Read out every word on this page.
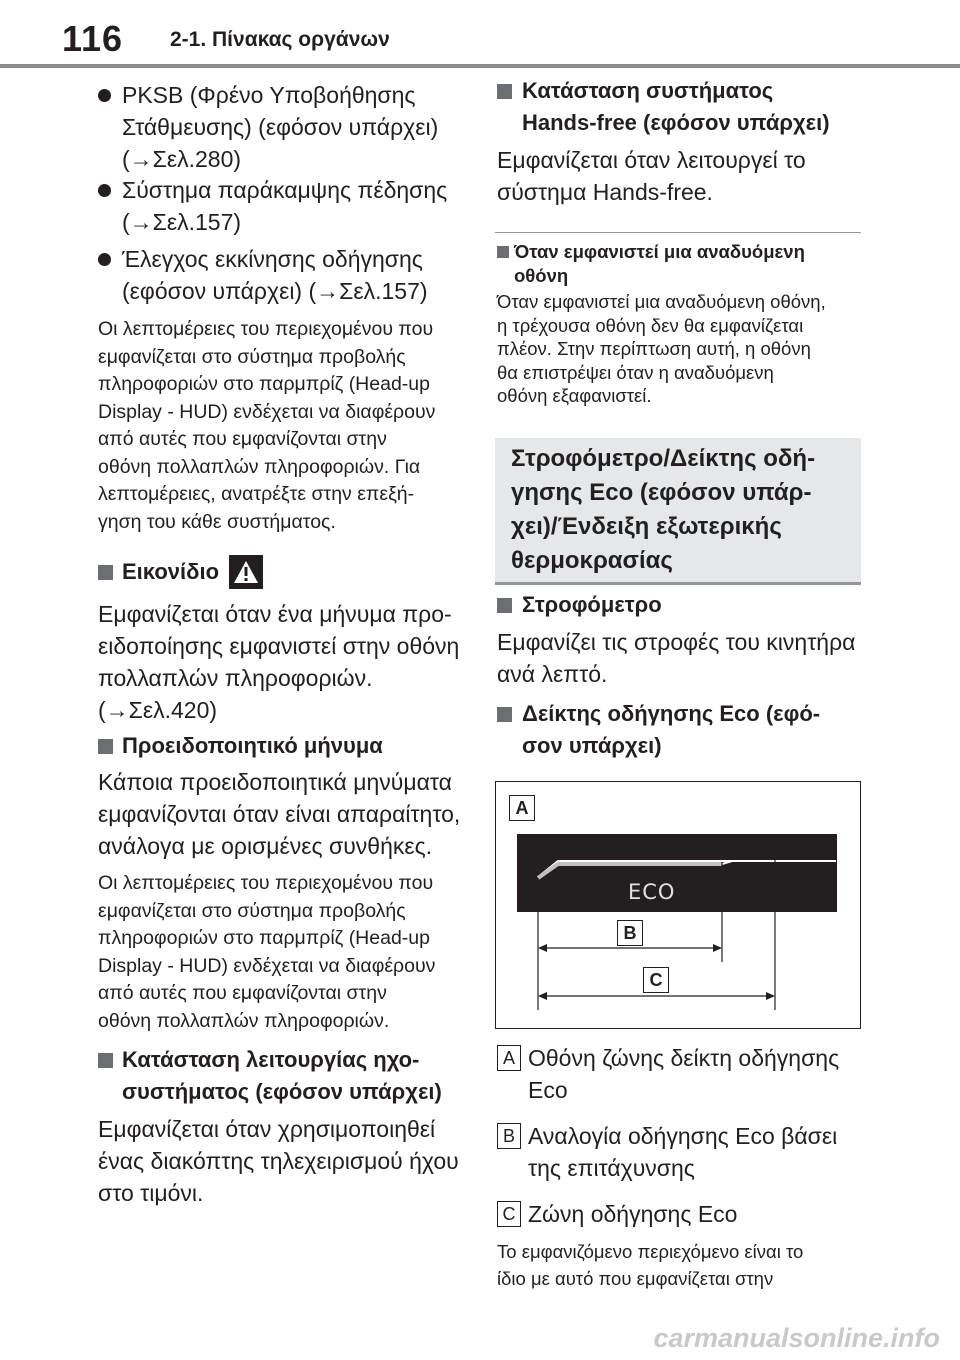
116 2-1. Πίνακας οργάνων
PKSB (Φρένο Υποβοήθησης
Στάθμευσης) (εφόσον υπάρχει)
(→Σελ.280)
Σύστημα παράκαμψης πέδησης
(→Σελ.157)
Έλεγχος εκκίνησης οδήγησης
(εφόσον υπάρχει) (→Σελ.157)
Οι λεπτομέρειες του περιεχομένου που
εμφανίζεται στο σύστημα προβολής
πληροφοριών στο παρμπρίζ (Head-up
Display - HUD) ενδέχεται να διαφέρουν
από αυτές που εμφανίζονται στην
οθόνη πολλαπλών πληροφοριών. Για
λεπτομέρειες, ανατρέξτε στην επεξή-
γηση του κάθε συστήματος.
Εικονίδιο
Εμφανίζεται όταν ένα μήνυμα προ-
ειδοποίησης εμφανιστεί στην οθόνη
πολλαπλών πληροφοριών.
(→Σελ.420)
Προειδοποιητικό μήνυμα
Κάποια προειδοποιητικά μηνύματα
εμφανίζονται όταν είναι απαραίτητο,
ανάλογα με ορισμένες συνθήκες.
Οι λεπτομέρειες του περιεχομένου που
εμφανίζεται στο σύστημα προβολής
πληροφοριών στο παρμπρίζ (Head-up
Display - HUD) ενδέχεται να διαφέρουν
από αυτές που εμφανίζονται στην
οθόνη πολλαπλών πληροφοριών.
Κατάσταση λειτουργίας ηχο-
συστήματος (εφόσον υπάρχει)
Εμφανίζεται όταν χρησιμοποιηθεί
ένας διακόπτης τηλεχειρισμού ήχου
στο τιμόνι.
Κατάσταση συστήματος
Hands-free (εφόσον υπάρχει)
Εμφανίζεται όταν λειτουργεί το
σύστημα Hands-free.
Όταν εμφανιστεί μια αναδυόμενη
οθόνη
Όταν εμφανιστεί μια αναδυόμενη οθόνη,
η τρέχουσα οθόνη δεν θα εμφανίζεται
πλέον. Στην περίπτωση αυτή, η οθόνη
θα επιστρέψει όταν η αναδυόμενη
οθόνη εξαφανιστεί.
Στροφόμετρο/Δείκτης οδή-
γησης Eco (εφόσον υπάρ-
χει)/Ένδειξη εξωτερικής
θερμοκρασίας
Στροφόμετρο
Εμφανίζει τις στροφές του κινητήρα
ανά λεπτό.
Δείκτης οδήγησης Eco (εφό-
σον υπάρχει)
A
ECO
B
C
A Οθόνη ζώνης δείκτη οδήγησης
Eco
B Αναλογία οδήγησης Eco βάσει
της επιτάχυνσης
C Ζώνη οδήγησης Eco
Το εμφανιζόμενο περιεχόμενο είναι το
ίδιο με αυτό που εμφανίζεται στην
carmanualsonline.info
